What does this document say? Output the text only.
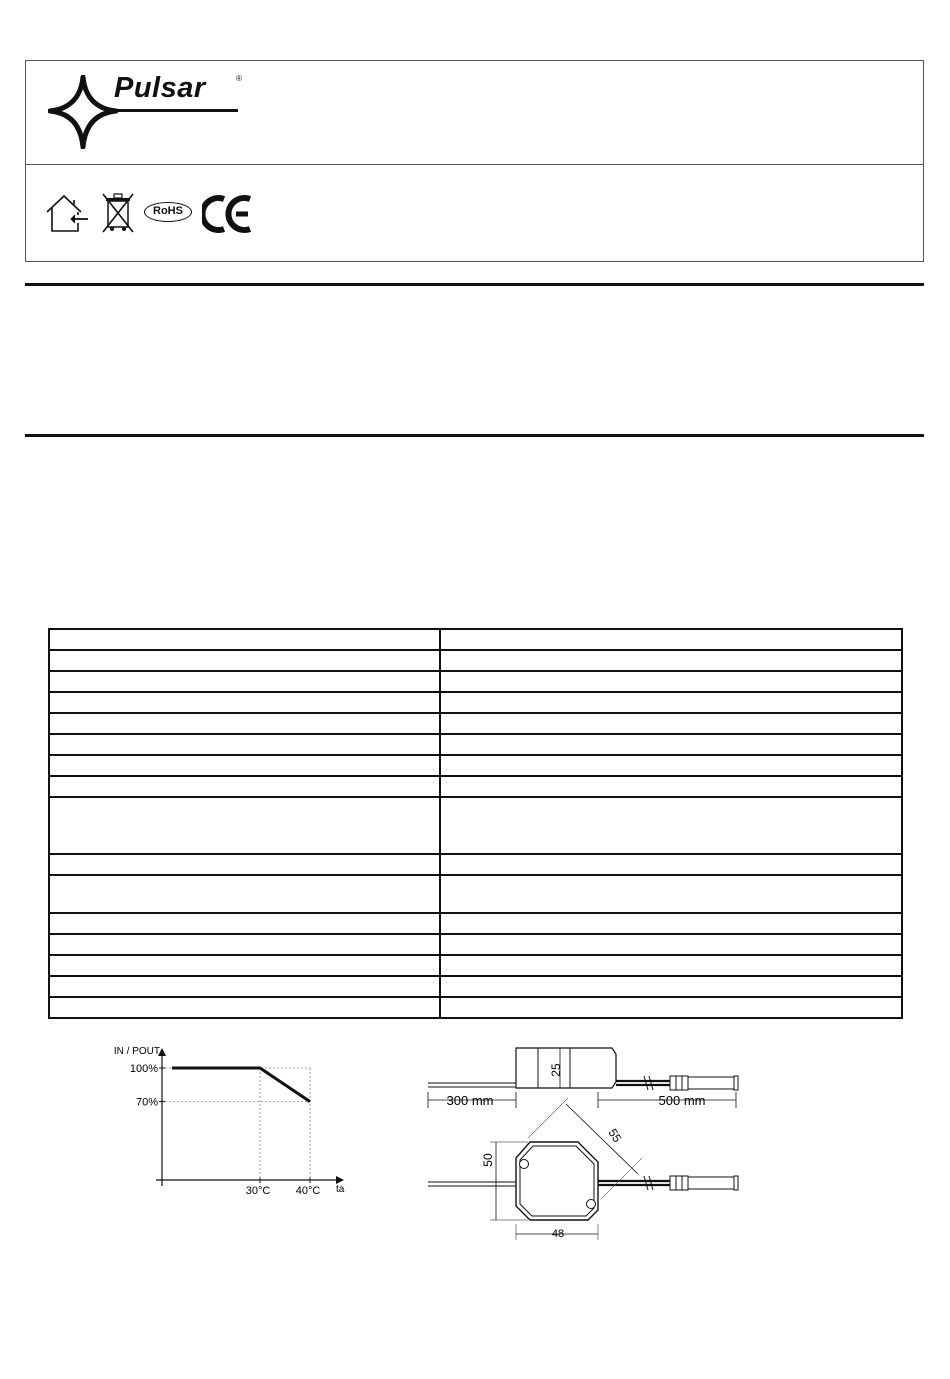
Pulsar	®
RoHS

IN / POUT
ta
100%
70%
30°C 40°C
25
300 mm	500 mm
50
48
55
